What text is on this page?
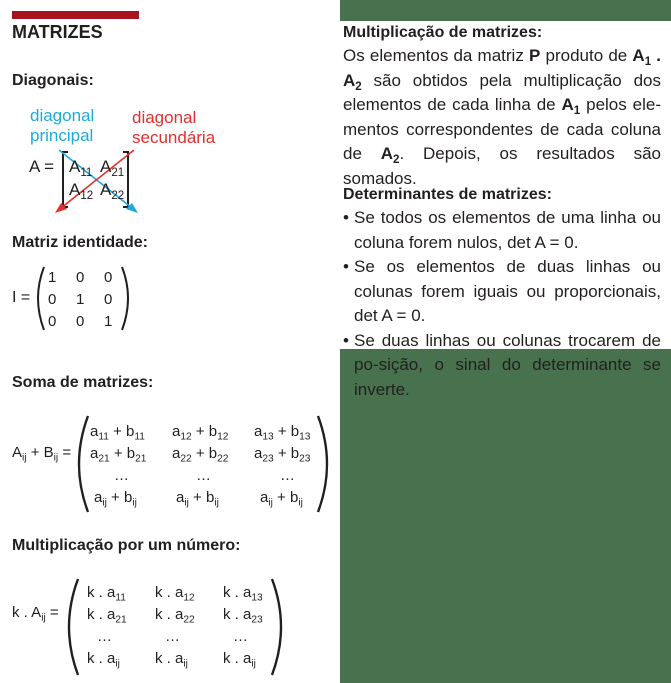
MATRIZES
Diagonais:
diagonal
principal
diagonal
secundária
$A = A_{11}$ $A_{21}$
$A_{12}$ $A_{22}$
Matriz identidade:
I =
1	0	0
0	1	0
0	0	1
Soma de matrizes:
$A_{ij} + B_{ij}$ =
$a_{11} + b_{11}$	$a_{12} + b_{12}$	$a_{13} + b_{13}$
$a_{21} + b_{21}$	$a_{22} + b_{22}$	$a_{23} + b_{23}$
…	…	…
$a_{ij} + b_{ij}$	$a_{ij} + b_{ij}$	$a_{ij} + b_{ij}$
Multiplicação por um número:
k . $A_{ij}$ =
k . $a_{11}$	k . $a_{12}$	k . $a_{13}$
k . $a_{21}$	k . $a_{22}$	k . $a_{23}$
…	…	…
k . $a_{ij}$	k . $a_{ij}$	k . $a_{ij}$
Multiplicação de matrizes:
Os elementos da matriz P produto de $A_1$ . $A_2$ são obtidos pela multiplicação dos elementos de cada linha de $A_1$ pelos ele-mentos correspondentes de cada coluna de $A_2$. Depois, os resultados são somados.
Determinantes de matrizes:
• Se todos os elementos de uma linha ou coluna forem nulos, det A = 0.
• Se os elementos de duas linhas ou colunas forem iguais ou proporcionais, det A = 0.
• Se duas linhas ou colunas trocarem de po-sição, o sinal do determinante se inverte.
